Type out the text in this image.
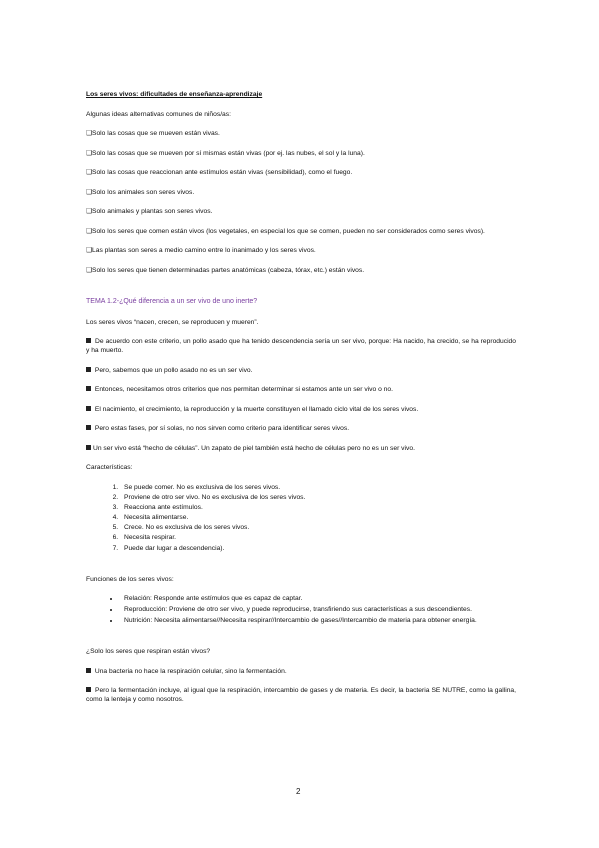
Los seres vivos: dificultades de enseñanza-aprendizaje

Algunas ideas alternativas comunes de niños/as:

❑Solo las cosas que se mueven están vivas.

❑Solo las cosas que se mueven por sí mismas están vivas (por ej. las nubes, el sol y la luna).

❑Solo las cosas que reaccionan ante estímulos están vivas (sensibilidad), como el fuego.

❑Solo los animales son seres vivos.

❑Solo animales y plantas son seres vivos.

❑Solo los seres que comen están vivos (los vegetales, en especial los que se comen, pueden no ser considerados como seres vivos).

❑Las plantas son seres a medio camino entre lo inanimado y los seres vivos.

❑Solo los seres que tienen determinadas partes anatómicas (cabeza, tórax, etc.) están vivos.

TEMA 1.2-¿Qué diferencia a un ser vivo de uno inerte?

Los seres vivos “nacen, crecen, se reproducen y mueren”.

De acuerdo con este criterio, un pollo asado que ha tenido descendencia sería un ser vivo, porque: Ha nacido, ha crecido, se ha reproducido y ha muerto.

Pero, sabemos que un pollo asado no es un ser vivo.

Entonces, necesitamos otros criterios que nos permitan determinar si estamos ante un ser vivo o no.

El nacimiento, el crecimiento, la reproducción y la muerte constituyen el llamado ciclo vital de los seres vivos.

Pero estas fases, por sí solas, no nos sirven como criterio para identificar seres vivos.

Un ser vivo está “hecho de células”. Un zapato de piel también está hecho de células pero no es un ser vivo.

Características:

1. Se puede comer. No es exclusiva de los seres vivos.
2. Proviene de otro ser vivo. No es exclusiva de los seres vivos.
3. Reacciona ante estímulos.
4. Necesita alimentarse.
5. Crece. No es exclusiva de los seres vivos.
6. Necesita respirar.
7. Puede dar lugar a descendencia).

Funciones de los seres vivos:

• Relación: Responde ante estímulos que es capaz de captar.
• Reproducción: Proviene de otro ser vivo, y puede reproducirse, transfiriendo sus características a sus descendientes.
• Nutrición: Necesita alimentarse//Necesita respirar//Intercambio de gases//Intercambio de materia para obtener energía.

¿Solo los seres que respiran están vivos?

Una bacteria no hace la respiración celular, sino la fermentación.

Pero la fermentación incluye, al igual que la respiración, intercambio de gases y de materia. Es decir, la bacteria SE NUTRE, como la gallina, como la lenteja y como nosotros.

2
